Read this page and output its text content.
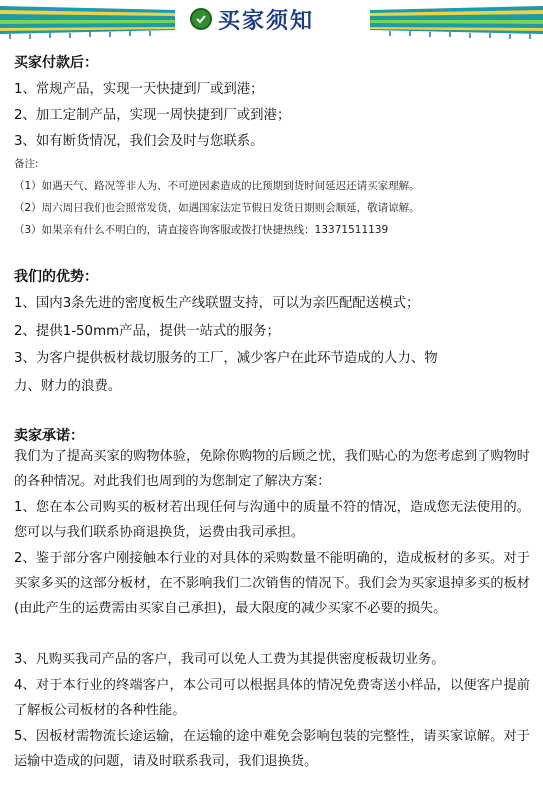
买家须知
买家付款后：
1、常规产品，实现一天快捷到厂或到港；
2、加工定制产品，实现一周快捷到厂或到港；
3、如有断货情况，我们会及时与您联系。
备注:
（1）如遇天气、路况等非人为、不可逆因素造成的比预期到货时间延迟还请买家理解。
（2）周六周日我们也会照常发货，如遇国家法定节假日发货日期则会顺延，敬请谅解。
（3）如果亲有什么不明白的，请直接咨询客服或拨打快捷热线：13371511139
我们的优势：
1、国内3条先进的密度板生产线联盟支持，可以为亲匹配配送模式；
2、提供1-50mm产品，提供一站式的服务；
3、为客户提供板材裁切服务的工厂，减少客户在此环节造成的人力、物
力、财力的浪费。
卖家承诺：
我们为了提高买家的购物体验，免除你购物的后顾之忧，我们贴心的为您考虑到了购物时的各种情况。对此我们也周到的为您制定了解决方案：
1、您在本公司购买的板材若出现任何与沟通中的质量不符的情况，造成您无法使用的。您可以与我们联系协商退换货，运费由我司承担。
2、鉴于部分客户刚接触本行业的对具体的采购数量不能明确的，造成板材的多买。对于买家多买的这部分板材，在不影响我们二次销售的情况下。我们会为买家退掉多买的板材(由此产生的运费需由买家自己承担)，最大限度的减少买家不必要的损失。
3、凡购买我司产品的客户，我司可以免人工费为其提供密度板裁切业务。
4、对于本行业的终端客户，本公司可以根据具体的情况免费寄送小样品，以便客户提前了解板公司板材的各种性能。
5、因板材需物流长途运输，在运输的途中难免会影响包装的完整性，请买家谅解。对于运输中造成的问题，请及时联系我司，我们退换货。
